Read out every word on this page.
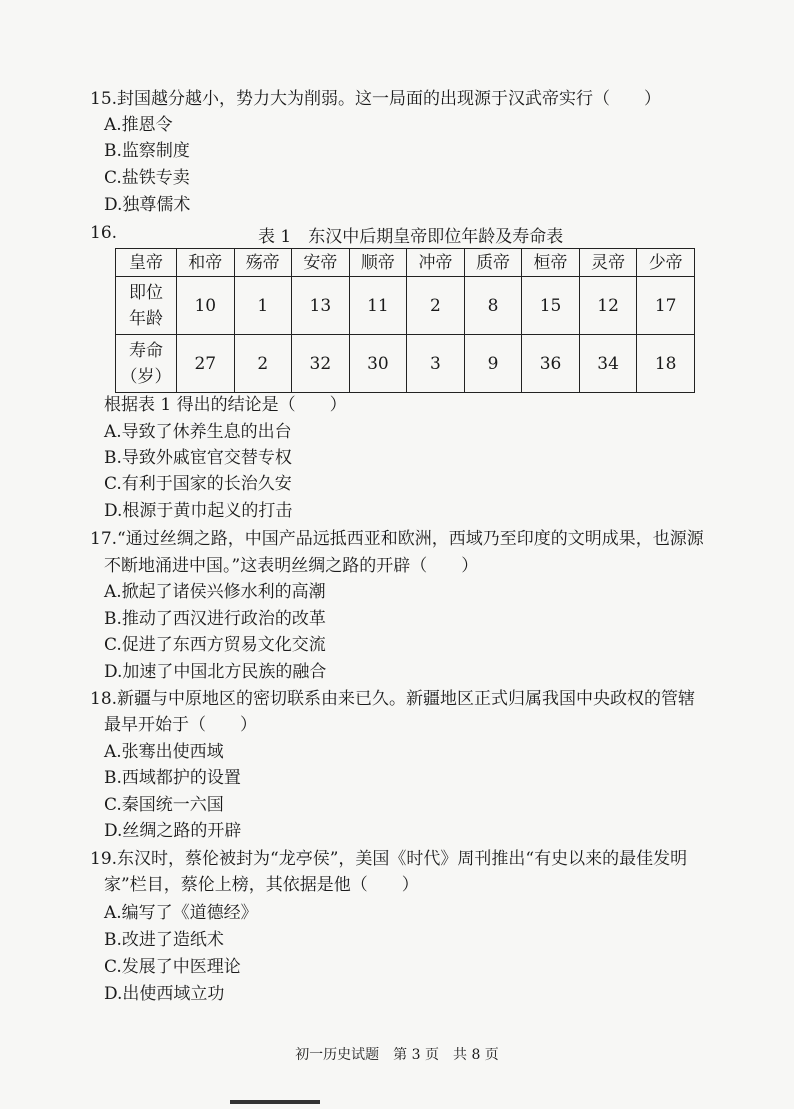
15.封国越分越小，势力大为削弱。这一局面的出现源于汉武帝实行（　　）
A.推恩令
B.监察制度
C.盐铁专卖
D.独尊儒术
16.	表 1　东汉中后期皇帝即位年龄及寿命表
皇帝	和帝	殇帝	安帝	顺帝	冲帝	质帝	桓帝	灵帝	少帝

即位
年龄	10	1	13	11	2	8	15	12	17

寿命
（岁）	27	2	32	30	3	9	36	34	18
根据表 1 得出的结论是（　　）
A.导致了休养生息的出台
B.导致外戚宦官交替专权
C.有利于国家的长治久安
D.根源于黄巾起义的打击
17.“通过丝绸之路，中国产品远抵西亚和欧洲，西域乃至印度的文明成果，也源源
不断地涌进中国。”这表明丝绸之路的开辟（　　）
A.掀起了诸侯兴修水利的高潮
B.推动了西汉进行政治的改革
C.促进了东西方贸易文化交流
D.加速了中国北方民族的融合
18.新疆与中原地区的密切联系由来已久。新疆地区正式归属我国中央政权的管辖
最早开始于（　　）
A.张骞出使西域
B.西域都护的设置
C.秦国统一六国
D.丝绸之路的开辟
19.东汉时，蔡伦被封为“龙亭侯”，美国《时代》周刊推出“有史以来的最佳发明
家”栏目，蔡伦上榜，其依据是他（　　）
A.编写了《道德经》
B.改进了造纸术
C.发展了中医理论
D.出使西域立功
初一历史试题　第 3 页　共 8 页
